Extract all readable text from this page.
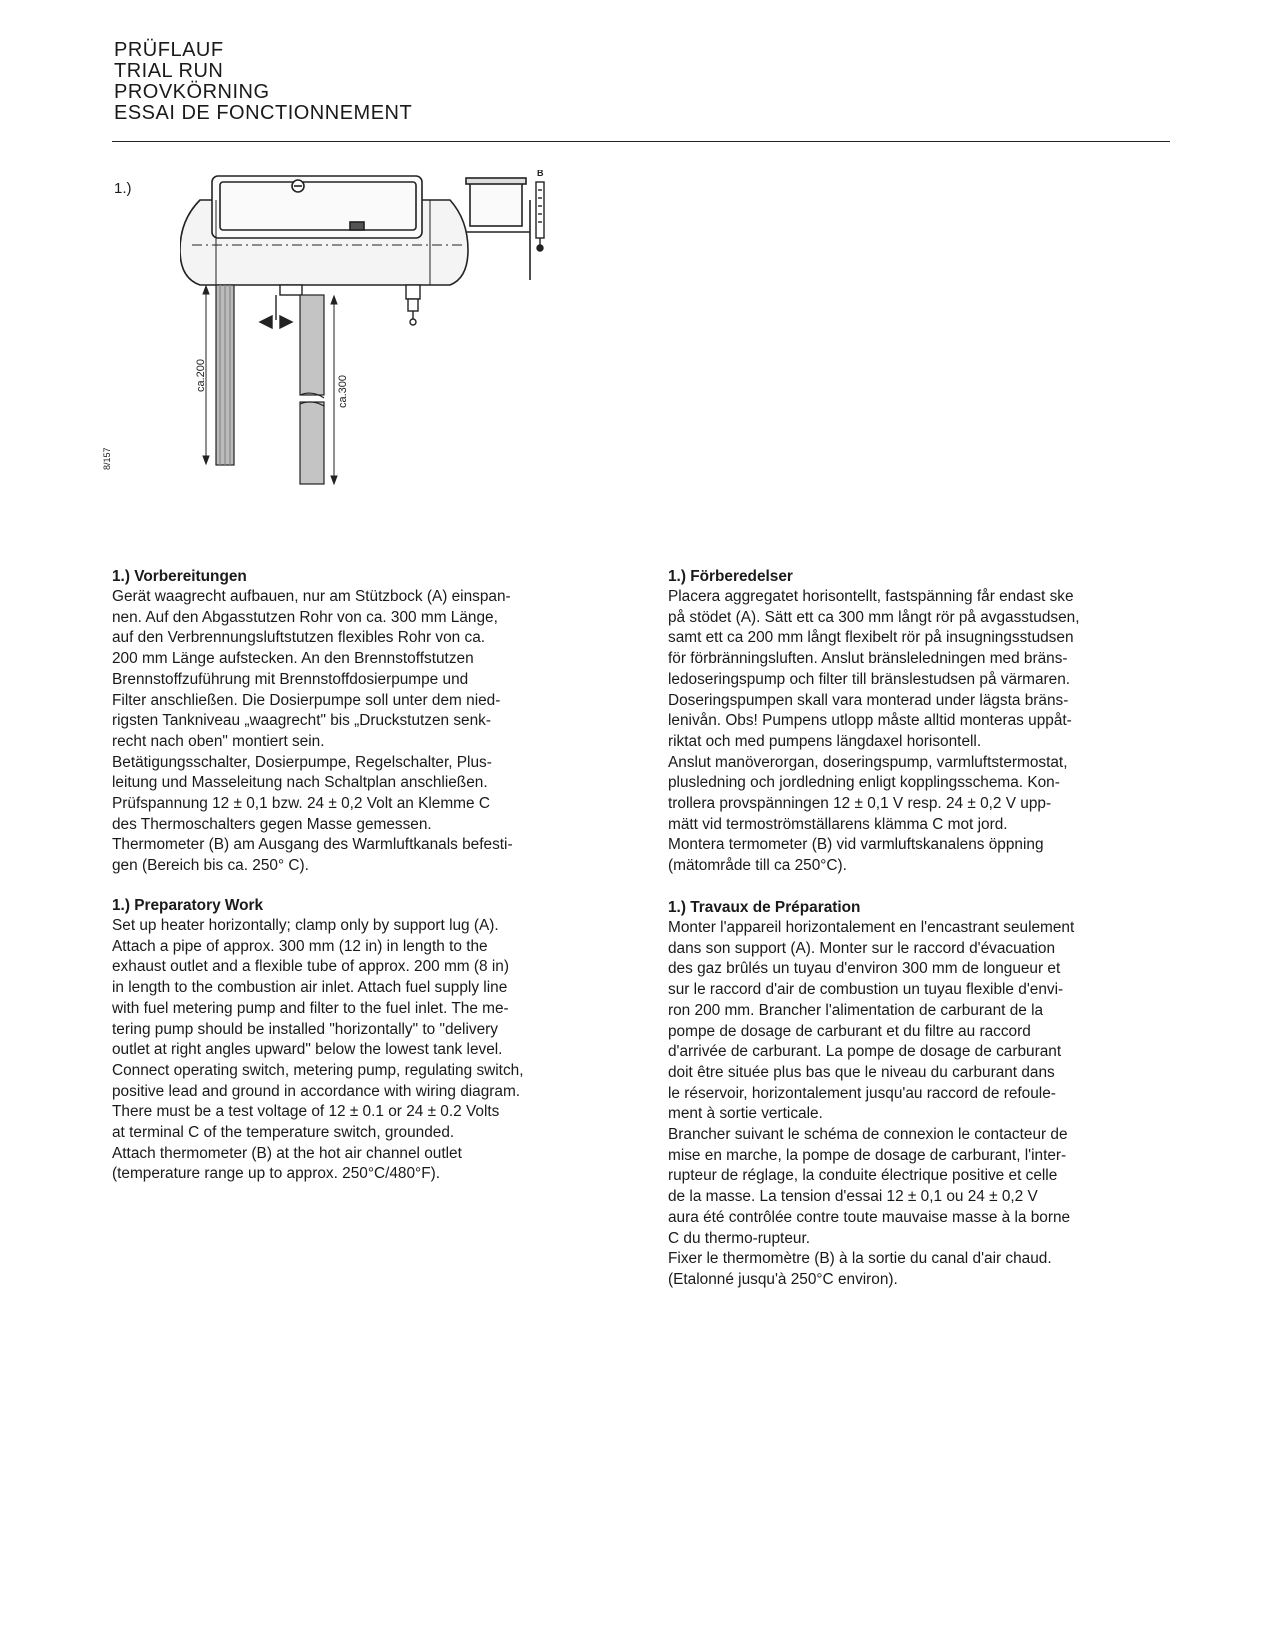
PRÜFLAUF
TRIAL RUN
PROVKÖRNING
ESSAI DE FONCTIONNEMENT
1.)
8/157
B
A
ca.200	ca.300
1.) Vorbereitungen

Gerät waagrecht aufbauen, nur am Stützbock (A) einspan-
nen. Auf den Abgasstutzen Rohr von ca. 300 mm Länge,
auf den Verbrennungsluftstutzen flexibles Rohr von ca.
200 mm Länge aufstecken. An den Brennstoffstutzen
Brennstoffzuführung mit Brennstoffdosierpumpe und
Filter anschließen. Die Dosierpumpe soll unter dem nied-
rigsten Tankniveau „waagrecht" bis „Druckstutzen senk-
recht nach oben" montiert sein.
Betätigungsschalter, Dosierpumpe, Regelschalter, Plus-
leitung und Masseleitung nach Schaltplan anschließen.
Prüfspannung 12 ± 0,1 bzw. 24 ± 0,2 Volt an Klemme C
des Thermoschalters gegen Masse gemessen.
Thermometer (B) am Ausgang des Warmluftkanals befesti-
gen (Bereich bis ca. 250° C).

1.) Preparatory Work

Set up heater horizontally; clamp only by support lug (A).
Attach a pipe of approx. 300 mm (12 in) in length to the
exhaust outlet and a flexible tube of approx. 200 mm (8 in)
in length to the combustion air inlet. Attach fuel supply line
with fuel metering pump and filter to the fuel inlet. The me-
tering pump should be installed "horizontally" to "delivery
outlet at right angles upward" below the lowest tank level.
Connect operating switch, metering pump, regulating switch,
positive lead and ground in accordance with wiring diagram.
There must be a test voltage of 12 ± 0.1 or 24 ± 0.2 Volts
at terminal C of the temperature switch, grounded.
Attach thermometer (B) at the hot air channel outlet
(temperature range up to approx. 250°C/480°F).

1.) Förberedelser

Placera aggregatet horisontellt, fastspänning får endast ske
på stödet (A). Sätt ett ca 300 mm långt rör på avgasstudsen,
samt ett ca 200 mm långt flexibelt rör på insugningsstudsen
för förbränningsluften. Anslut bränsleledningen med bräns-
ledoseringspump och filter till bränslestudsen på värmaren.
Doseringspumpen skall vara monterad under lägsta bräns-
lenivån. Obs! Pumpens utlopp måste alltid monteras uppåt-
riktat och med pumpens längdaxel horisontell.
Anslut manöverorgan, doseringspump, varmluftstermostat,
plusledning och jordledning enligt kopplingsschema. Kon-
trollera provspänningen 12 ± 0,1 V resp. 24 ± 0,2 V upp-
mätt vid termoströmställarens klämma C mot jord.
Montera termometer (B) vid varmluftskanalens öppning
(mätområde till ca 250°C).

1.) Travaux de Préparation

Monter l'appareil horizontalement en l'encastrant seulement
dans son support (A). Monter sur le raccord d'évacuation
des gaz brûlés un tuyau d'environ 300 mm de longueur et
sur le raccord d'air de combustion un tuyau flexible d'envi-
ron 200 mm. Brancher l'alimentation de carburant de la
pompe de dosage de carburant et du filtre au raccord
d'arrivée de carburant. La pompe de dosage de carburant
doit être située plus bas que le niveau du carburant dans
le réservoir, horizontalement jusqu'au raccord de refoule-
ment à sortie verticale.
Brancher suivant le schéma de connexion le contacteur de
mise en marche, la pompe de dosage de carburant, l'inter-
rupteur de réglage, la conduite électrique positive et celle
de la masse. La tension d'essai 12 ± 0,1 ou 24 ± 0,2 V
aura été contrôlée contre toute mauvaise masse à la borne
C du thermo-rupteur.
Fixer le thermomètre (B) à la sortie du canal d'air chaud.
(Etalonné jusqu'à 250°C environ).
